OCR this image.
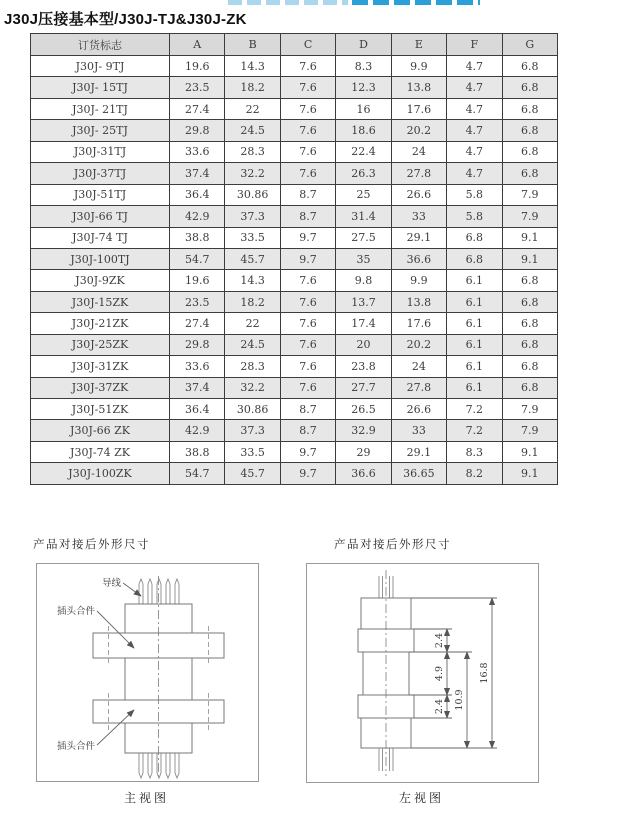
J30J压接基本型/J30J-TJ&J30J-ZK
订货标志	A	B	C	D	E	F	G
J30J- 9TJ	19.6	14.3	7.6	8.3	9.9	4.7	6.8
J30J- 15TJ	23.5	18.2	7.6	12.3	13.8	4.7	6.8
J30J- 21TJ	27.4	22	7.6	16	17.6	4.7	6.8
J30J- 25TJ	29.8	24.5	7.6	18.6	20.2	4.7	6.8
J30J-31TJ	33.6	28.3	7.6	22.4	24	4.7	6.8
J30J-37TJ	37.4	32.2	7.6	26.3	27.8	4.7	6.8
J30J-51TJ	36.4	30.86	8.7	25	26.6	5.8	7.9
J30J-66 TJ	42.9	37.3	8.7	31.4	33	5.8	7.9
J30J-74 TJ	38.8	33.5	9.7	27.5	29.1	6.8	9.1
J30J-100TJ	54.7	45.7	9.7	35	36.6	6.8	9.1
J30J-9ZK	19.6	14.3	7.6	9.8	9.9	6.1	6.8
J30J-15ZK	23.5	18.2	7.6	13.7	13.8	6.1	6.8
J30J-21ZK	27.4	22	7.6	17.4	17.6	6.1	6.8
J30J-25ZK	29.8	24.5	7.6	20	20.2	6.1	6.8
J30J-31ZK	33.6	28.3	7.6	23.8	24	6.1	6.8
J30J-37ZK	37.4	32.2	7.6	27.7	27.8	6.1	6.8
J30J-51ZK	36.4	30.86	8.7	26.5	26.6	7.2	7.9
J30J-66 ZK	42.9	37.3	8.7	32.9	33	7.2	7.9
J30J-74 ZK	38.8	33.5	9.7	29	29.1	8.3	9.1
J30J-100ZK	54.7	45.7	9.7	36.6	36.65	8.2	9.1
产品对接后外形尺寸	产品对接后外形尺寸
导线
插头合件
插头合件
2.4
4.9
2.4 10.9
16.8
主视图	左视图
